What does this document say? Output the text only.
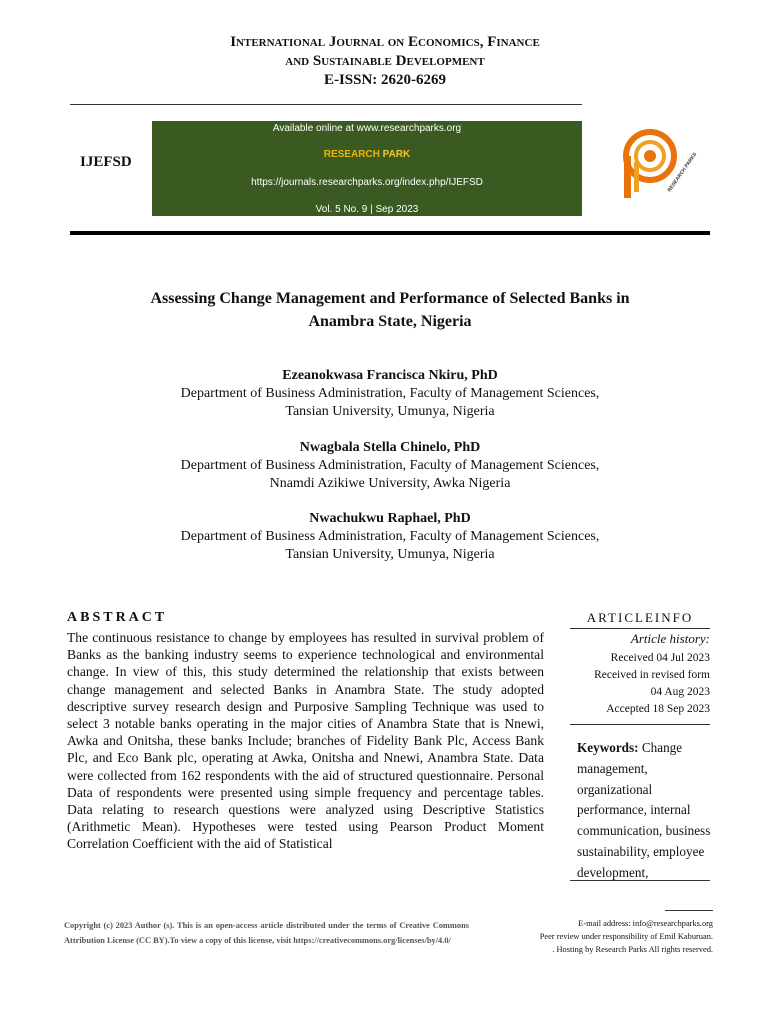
International Journal on Economics, Finance
and Sustainable Development
E-ISSN: 2620-6269
IJEFSD
Available online at www.researchparks.org
RESEARCH PARK
https://journals.researchparks.org/index.php/IJEFSD
Vol. 5 No. 9 | Sep 2023
RESEARCH PARKS
Assessing Change Management and Performance of Selected Banks in
Anambra State, Nigeria
Ezeanokwasa Francisca Nkiru, PhD
Department of Business Administration, Faculty of Management Sciences,
Tansian University, Umunya, Nigeria
Nwagbala Stella Chinelo, PhD
Department of Business Administration, Faculty of Management Sciences,
Nnamdi Azikiwe University, Awka Nigeria
Nwachukwu Raphael, PhD
Department of Business Administration, Faculty of Management Sciences,
Tansian University, Umunya, Nigeria
ABSTRACT
The continuous resistance to change by employees has resulted in survival problem of Banks as the banking industry seems to experience technological and environmental change. In view of this, this study determined the relationship that exists between change management and selected Banks in Anambra State. The study adopted descriptive survey research design and Purposive Sampling Technique was used to select 3 notable banks operating in the major cities of Anambra State that is Nnewi, Awka and Onitsha, these banks Include; branches of Fidelity Bank Plc, Access Bank Plc, and Eco Bank plc, operating at Awka, Onitsha and Nnewi, Anambra State. Data were collected from 162 respondents with the aid of structured questionnaire. Personal Data of respondents were presented using simple frequency and percentage tables. Data relating to research questions were analyzed using Descriptive Statistics (Arithmetic Mean). Hypotheses were tested using Pearson Product Moment Correlation Coefficient with the aid of Statistical
ARTICLEINFO
Article history:
Received 04 Jul 2023
Received in revised form
04 Aug 2023
Accepted 18 Sep 2023
Keywords: Change management, organizational performance, internal communication, business sustainability, employee development,
Copyright (c) 2023 Author (s). This is an open-access article distributed under the terms of Creative Commons Attribution License (CC BY).To view a copy of this license, visit https://creativecommons.org/licenses/by/4.0/
E-mail address: info@researchparks.org
Peer review under responsibility of Emil Kaburuan.
. Hosting by Research Parks All rights reserved.
